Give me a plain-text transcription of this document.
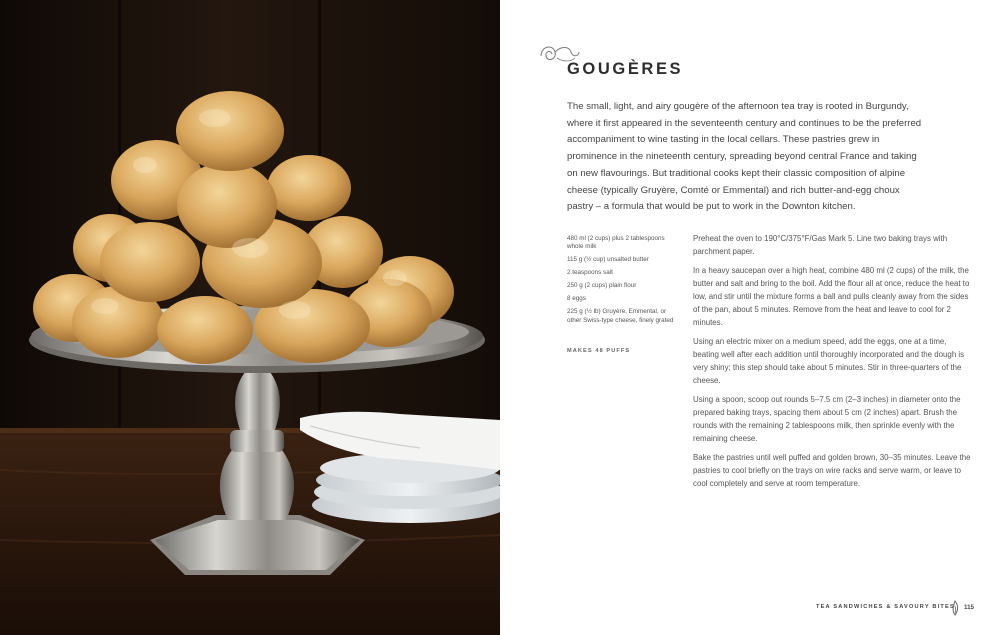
GOUGÈRES

The small, light, and airy gougère of the afternoon tea tray is rooted in Burgundy,
where it first appeared in the seventeenth century and continues to be the preferred
accompaniment to wine tasting in the local cellars. These pastries grew in
prominence in the nineteenth century, spreading beyond central France and taking
on new flavourings. But traditional cooks kept their classic composition of alpine
cheese (typically Gruyère, Comté or Emmental) and rich butter-and-egg choux
pastry – a formula that would be put to work in the Downton kitchen.

480 ml (2 cups) plus 2 tablespoons whole milk
115 g (½ cup) unsalted butter
2 teaspoons salt
250 g (2 cups) plain flour
8 eggs
225 g (½ lb) Gruyère, Emmental, or other Swiss-type cheese, finely grated
MAKES 48 PUFFS

Preheat the oven to 190°C/375°F/Gas Mark 5. Line two baking trays with parchment paper.

In a heavy saucepan over a high heat, combine 480 ml (2 cups) of the milk, the butter and salt and bring to the boil. Add the flour all at once, reduce the heat to low, and stir until the mixture forms a ball and pulls cleanly away from the sides of the pan, about 5 minutes. Remove from the heat and leave to cool for 2 minutes.

Using an electric mixer on a medium speed, add the eggs, one at a time, beating well after each addition until thoroughly incorporated and the dough is very shiny; this step should take about 5 minutes. Stir in three-quarters of the cheese.

Using a spoon, scoop out rounds 5–7.5 cm (2–3 inches) in diameter onto the prepared baking trays, spacing them about 5 cm (2 inches) apart. Brush the rounds with the remaining 2 tablespoons milk, then sprinkle evenly with the remaining cheese.

Bake the pastries until well puffed and golden brown, 30–35 minutes. Leave the pastries to cool briefly on the trays on wire racks and serve warm, or leave to cool completely and serve at room temperature.

TEA SANDWICHES & SAVOURY BITES 115
